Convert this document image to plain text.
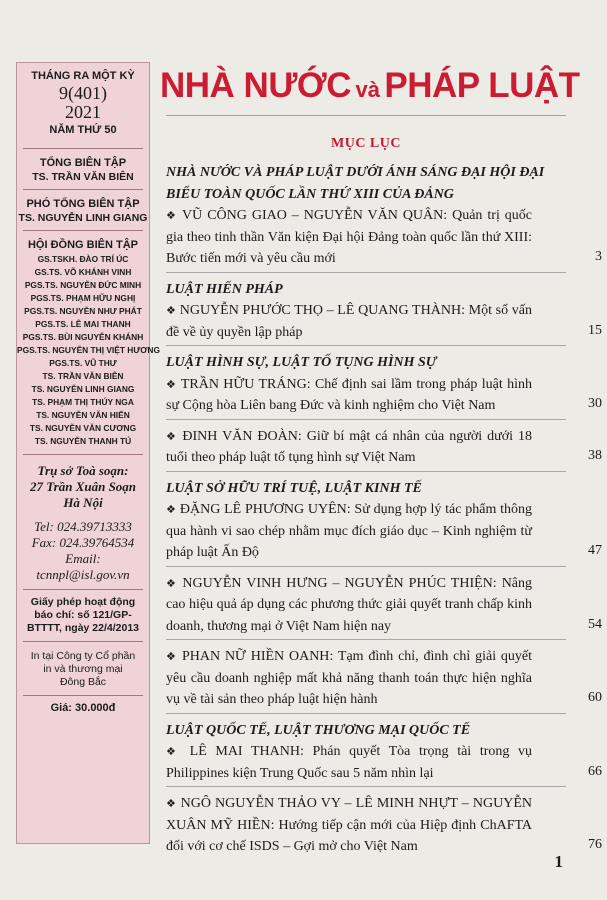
THÁNG RA MỘT KỲ
9(401)
2021
NĂM THỨ 50
TỔNG BIÊN TẬP
TS. TRẦN VĂN BIÊN
PHÓ TỔNG BIÊN TẬP
TS. NGUYỄN LINH GIANG
HỘI ĐỒNG BIÊN TẬP
GS.TSKH. ĐÀO TRÍ ÚC
GS.TS. VÕ KHÁNH VINH
PGS.TS. NGUYỄN ĐỨC MINH
PGS.TS. PHẠM HỮU NGHỊ
PGS.TS. NGUYỄN NHƯ PHÁT
PGS.TS. LÊ MAI THANH
PGS.TS. BÙI NGUYÊN KHÁNH
PGS.TS. NGUYỄN THỊ VIỆT HƯƠNG
PGS.TS. VŨ THƯ
TS. TRẦN VĂN BIÊN
TS. NGUYỄN LINH GIANG
TS. PHẠM THỊ THÚY NGA
TS. NGUYỄN VĂN HIỂN
TS. NGUYỄN VĂN CƯƠNG
TS. NGUYỄN THANH TÚ
Trụ sở Toà soạn:
27 Trần Xuân Soạn
Hà Nội
Tel: 024.39713333
Fax: 024.39764534
Email:
tcnnpl@isl.gov.vn
Giấy phép hoạt động
báo chí: số 121/GP-
BTTTT, ngày 22/4/2013
In tại Công ty Cổ phần
in và thương mại
Đông Bắc
Giá: 30.000đ
NHÀ NƯỚC và PHÁP LUẬT
MỤC LỤC
NHÀ NƯỚC VÀ PHÁP LUẬT DƯỚI ÁNH SÁNG ĐẠI HỘI ĐẠI BIỂU TOÀN QUỐC LẦN THỨ XIII CỦA ĐẢNG
❖ VŨ CÔNG GIAO – NGUYỄN VĂN QUÂN: Quản trị quốc gia theo tinh thần Văn kiện Đại hội Đảng toàn quốc lần thứ XIII: Bước tiến mới và yêu cầu mới	3
LUẬT HIẾN PHÁP
❖ NGUYỄN PHƯỚC THỌ – LÊ QUANG THÀNH: Một số vấn đề về ủy quyền lập pháp	15
LUẬT HÌNH SỰ, LUẬT TỐ TỤNG HÌNH SỰ
❖ TRẦN HỮU TRÁNG: Chế định sai lầm trong pháp luật hình sự Cộng hòa Liên bang Đức và kinh nghiệm cho Việt Nam	30
❖ ĐINH VĂN ĐOÀN: Giữ bí mật cá nhân của người dưới 18 tuổi theo pháp luật tố tụng hình sự Việt Nam	38
LUẬT SỞ HỮU TRÍ TUỆ, LUẬT KINH TẾ
❖ ĐẶNG LÊ PHƯƠNG UYÊN: Sử dụng hợp lý tác phẩm thông qua hành vi sao chép nhằm mục đích giáo dục – Kinh nghiệm từ pháp luật Ấn Độ	47
❖ NGUYỄN VINH HƯNG – NGUYỄN PHÚC THIỆN: Nâng cao hiệu quả áp dụng các phương thức giải quyết tranh chấp kinh doanh, thương mại ở Việt Nam hiện nay	54
❖ PHAN NỮ HIỀN OANH: Tạm đình chỉ, đình chỉ giải quyết yêu cầu doanh nghiệp mất khả năng thanh toán thực hiện nghĩa vụ về tài sản theo pháp luật hiện hành	60
LUẬT QUỐC TẾ, LUẬT THƯƠNG MẠI QUỐC TẾ
❖ LÊ MAI THANH: Phán quyết Tòa trọng tài trong vụ Philippines kiện Trung Quốc sau 5 năm nhìn lại	66
❖ NGÔ NGUYỄN THẢO VY – LÊ MINH NHỰT – NGUYỄN XUÂN MỸ HIỀN: Hướng tiếp cận mới của Hiệp định ChAFTA đối với cơ chế ISDS – Gợi mở cho Việt Nam	76
1
